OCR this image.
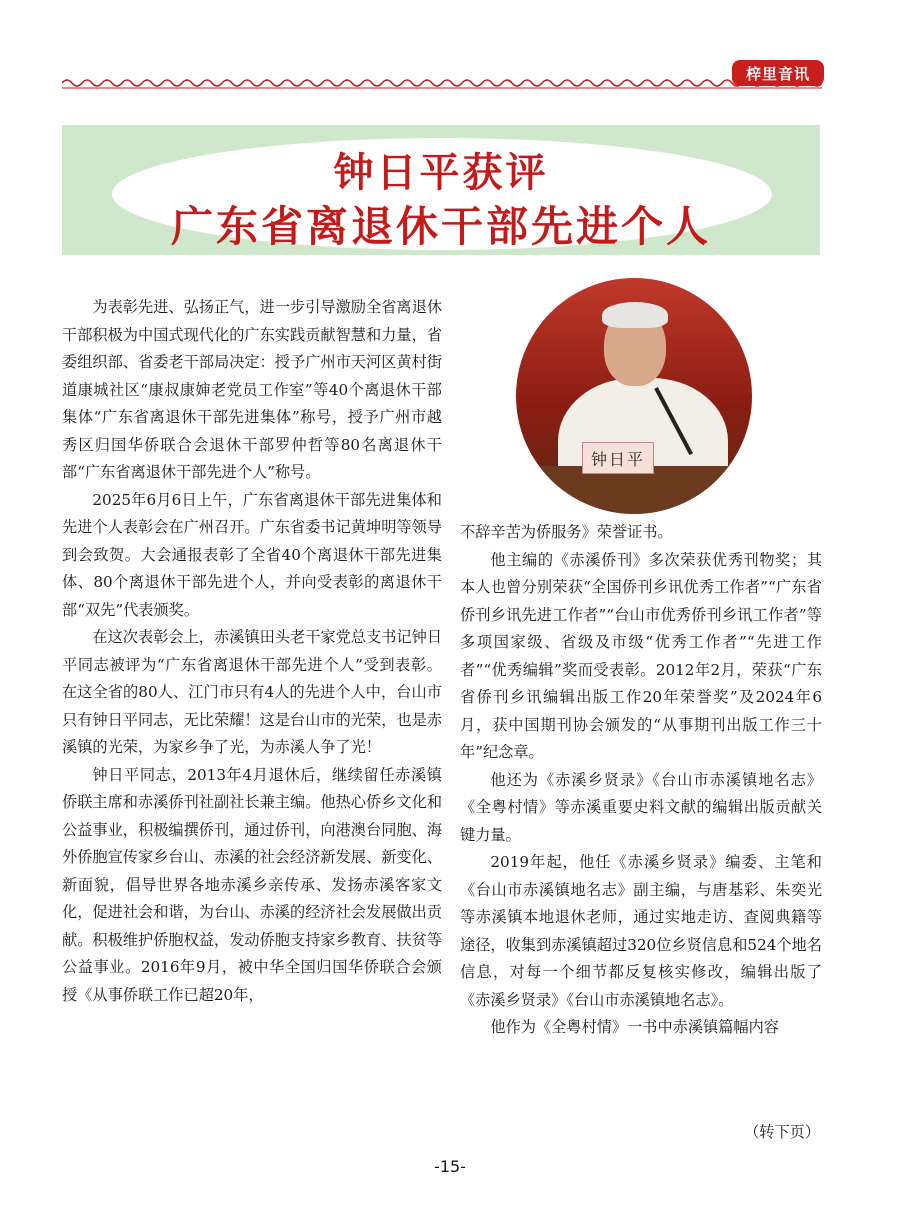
梓里音讯
钟日平获评
广东省离退休干部先进个人
钟日平

为表彰先进、弘扬正气，进一步引导激励全省离退休干部积极为中国式现代化的广东实践贡献智慧和力量，省委组织部、省委老干部局决定：授予广州市天河区黄村街道康城社区“康叔康婶老党员工作室”等40个离退休干部集体“广东省离退休干部先进集体”称号，授予广州市越秀区归国华侨联合会退休干部罗仲哲等80名离退休干部“广东省离退休干部先进个人”称号。

2025年6月6日上午，广东省离退休干部先进集体和先进个人表彰会在广州召开。广东省委书记黄坤明等领导到会致贺。大会通报表彰了全省40个离退休干部先进集体、80个离退休干部先进个人，并向受表彰的离退休干部“双先”代表颁奖。

在这次表彰会上，赤溪镇田头老干家党总支书记钟日平同志被评为“广东省离退休干部先进个人”受到表彰。在这全省的80人、江门市只有4人的先进个人中，台山市只有钟日平同志，无比荣耀！这是台山市的光荣，也是赤溪镇的光荣，为家乡争了光，为赤溪人争了光！

钟日平同志，2013年4月退休后，继续留任赤溪镇侨联主席和赤溪侨刊社副社长兼主编。他热心侨乡文化和公益事业，积极编撰侨刊，通过侨刊，向港澳台同胞、海外侨胞宣传家乡台山、赤溪的社会经济新发展、新变化、新面貌，倡导世界各地赤溪乡亲传承、发扬赤溪客家文化，促进社会和谐，为台山、赤溪的经济社会发展做出贡献。积极维护侨胞权益，发动侨胞支持家乡教育、扶贫等公益事业。2016年9月，被中华全国归国华侨联合会颁授《从事侨联工作已超20年，

不辞辛苦为侨服务》荣誉证书。

他主编的《赤溪侨刊》多次荣获优秀刊物奖；其本人也曾分别荣获“全国侨刊乡讯优秀工作者”“广东省侨刊乡讯先进工作者”“台山市优秀侨刊乡讯工作者”等多项国家级、省级及市级“优秀工作者”“先进工作者”“优秀编辑”奖而受表彰。2012年2月，荣获“广东省侨刊乡讯编辑出版工作20年荣誉奖”及2024年6月，获中国期刊协会颁发的“从事期刊出版工作三十年”纪念章。

他还为《赤溪乡贤录》《台山市赤溪镇地名志》《全粤村情》等赤溪重要史料文献的编辑出版贡献关键力量。

2019年起，他任《赤溪乡贤录》编委、主笔和《台山市赤溪镇地名志》副主编，与唐基彩、朱奕光等赤溪镇本地退休老师，通过实地走访、查阅典籍等途径，收集到赤溪镇超过320位乡贤信息和524个地名信息，对每一个细节都反复核实修改，编辑出版了《赤溪乡贤录》《台山市赤溪镇地名志》。

他作为《全粤村情》一书中赤溪镇篇幅内容

（转下页）
-15-
